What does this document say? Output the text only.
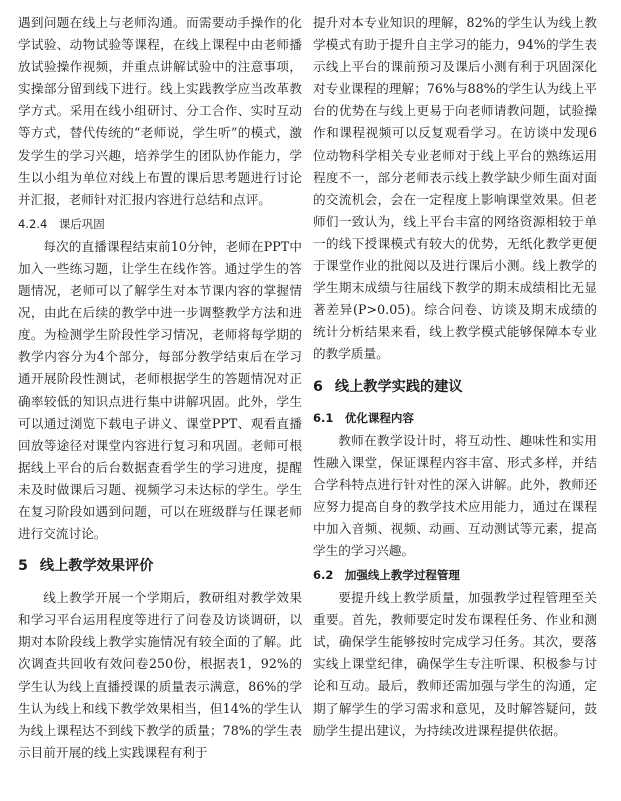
遇到问题在线上与老师沟通。而需要动手操作的化学试验、动物试验等课程，在线上课程中由老师播放试验操作视频，并重点讲解试验中的注意事项，实操部分留到线下进行。线上实践教学应当改革教学方式。采用在线小组研讨、分工合作、实时互动等方式，替代传统的“老师说，学生听”的模式，激发学生的学习兴趣，培养学生的团队协作能力，学生以小组为单位对线上布置的课后思考题进行讨论并汇报，老师针对汇报内容进行总结和点评。

4.2.4　课后巩固

每次的直播课程结束前10分钟，老师在PPT中加入一些练习题，让学生在线作答。通过学生的答题情况，老师可以了解学生对本节课内容的掌握情况，由此在后续的教学中进一步调整教学方法和进度。为检测学生阶段性学习情况，老师将每学期的教学内容分为4个部分，每部分教学结束后在学习通开展阶段性测试，老师根据学生的答题情况对正确率较低的知识点进行集中讲解巩固。此外，学生可以通过浏览下载电子讲义、课堂PPT、观看直播回放等途径对课堂内容进行复习和巩固。老师可根据线上平台的后台数据查看学生的学习进度，提醒未及时做课后习题、视频学习未达标的学生。学生在复习阶段如遇到问题，可以在班级群与任课老师进行交流讨论。

5 线上教学效果评价

线上教学开展一个学期后，教研组对教学效果和学习平台运用程度等进行了问卷及访谈调研，以期对本阶段线上教学实施情况有较全面的了解。此次调查共回收有效问卷250份，根据表1，92%的学生认为线上直播授课的质量表示满意，86%的学生认为线上和线下教学效果相当，但14%的学生认为线上课程达不到线下教学的质量；78%的学生表示目前开展的线上实践课程有利于

提升对本专业知识的理解，82%的学生认为线上教学模式有助于提升自主学习的能力，94%的学生表示线上平台的课前预习及课后小测有利于巩固深化对专业课程的理解；76%与88%的学生认为线上平台的优势在与线上更易于向老师请教问题，试验操作和课程视频可以反复观看学习。在访谈中发现6位动物科学相关专业老师对于线上平台的熟练运用程度不一，部分老师表示线上教学缺少师生面对面的交流机会，会在一定程度上影响课堂效果。但老师们一致认为，线上平台丰富的网络资源相较于单一的线下授课模式有较大的优势，无纸化教学更便于课堂作业的批阅以及进行课后小测。线上教学的学生期末成绩与往届线下教学的期末成绩相比无显著差异(P>0.05)。综合问卷、访谈及期末成绩的统计分析结果来看，线上教学模式能够保障本专业的教学质量。

6 线上教学实践的建议
6.1　优化课程内容

教师在教学设计时，将互动性、趣味性和实用性融入课堂，保证课程内容丰富、形式多样，并结合学科特点进行针对性的深入讲解。此外，教师还应努力提高自身的教学技术应用能力，通过在课程中加入音频、视频、动画、互动测试等元素，提高学生的学习兴趣。

6.2　加强线上教学过程管理

要提升线上教学质量，加强教学过程管理至关重要。首先，教师要定时发布课程任务、作业和测试，确保学生能够按时完成学习任务。其次，要落实线上课堂纪律，确保学生专注听课、积极参与讨论和互动。最后，教师还需加强与学生的沟通，定期了解学生的学习需求和意见，及时解答疑问，鼓励学生提出建议，为持续改进课程提供依据。
